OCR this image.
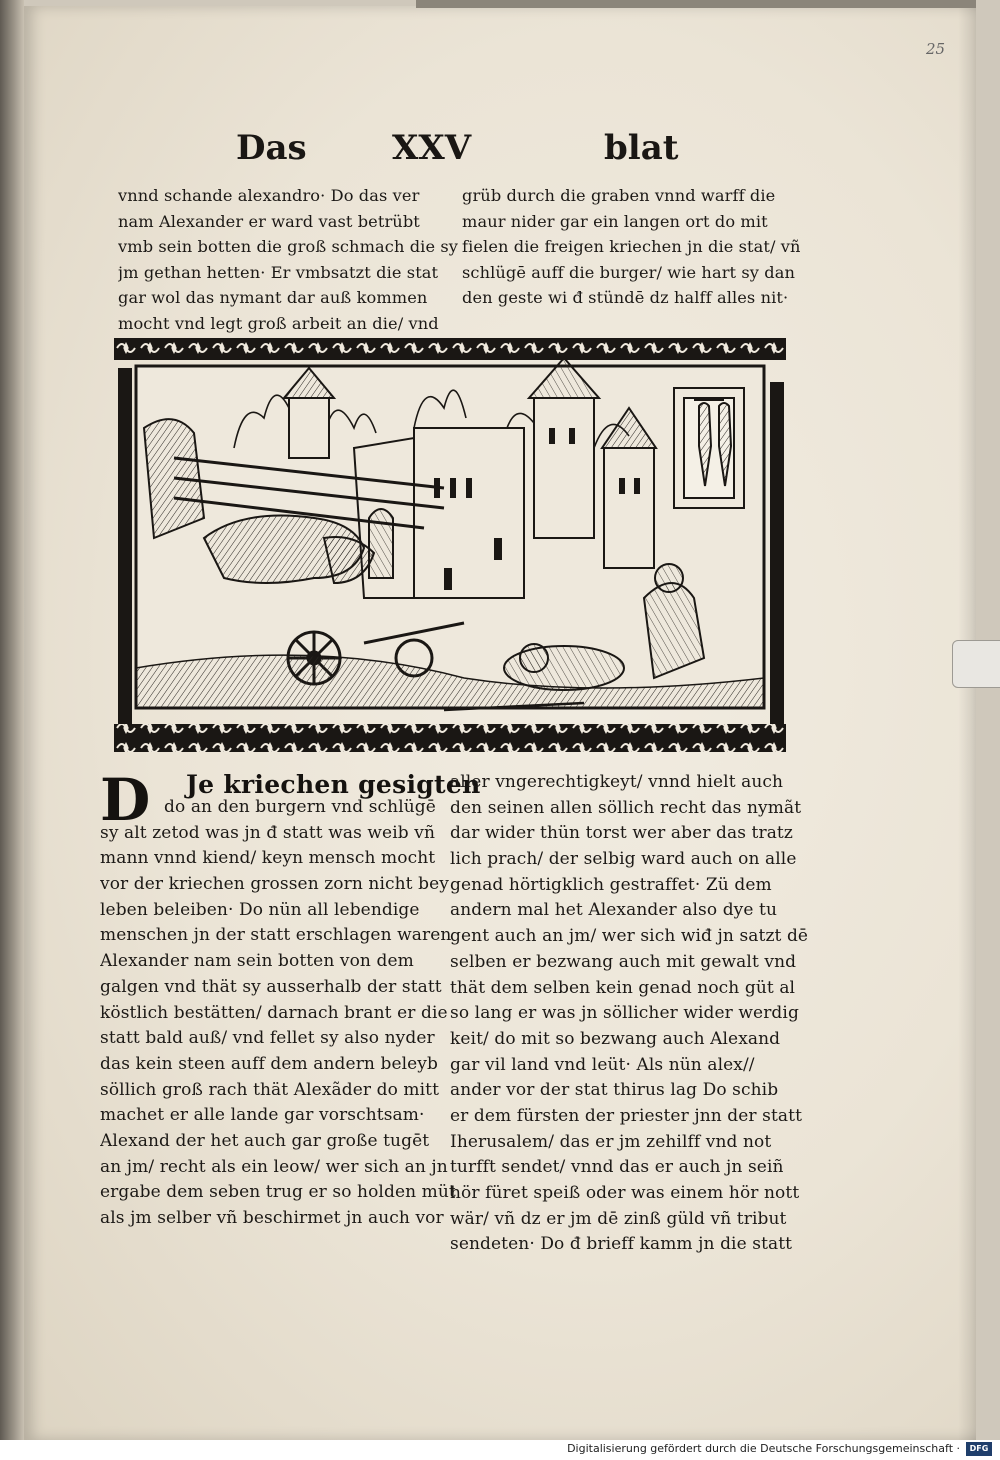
25
Das	XXV	blat
vnnd schande alexandro· Do das ver
nam Alexander er ward vast betrübt
vmb sein botten die groß schmach die sy
jm gethan hetten· Er vmbsatzt die stat
gar wol das nymant dar auß kommen
mocht vnd legt groß arbeit an die/ vnd
grüb durch die graben vnnd warff die
maur nider gar ein langen ort do mit
fielen die freigen kriechen jn die stat/ vñ
schlügē auff die burger/ wie hart sy dan
den geste wi đ stündē dz halff alles nit·
D Je kriechen gesigten
do an den burgern vnd schlügē
sy alt zetod was jn đ statt was weib vñ
mann vnnd kiend/ keyn mensch mocht
vor der kriechen grossen zorn nicht bey
leben beleiben· Do nün all lebendige
menschen jn der statt erschlagen waren
Alexander nam sein botten von dem
galgen vnd thät sy ausserhalb der statt
köstlich bestätten/ darnach brant er die
statt bald auß/ vnd fellet sy also nyder
das kein steen auff dem andern beleyb
söllich groß rach thät Alexãder do mitt
machet er alle lande gar vorschtsam·
Alexand der het auch gar große tugēt
an jm/ recht als ein leow/ wer sich an jn
ergabe dem seben trug er so holden müt
als jm selber vñ beschirmet jn auch vor
aller vngerechtigkeyt/ vnnd hielt auch
den seinen allen söllich recht das nymãt
dar wider thün torst wer aber das tratz
lich prach/ der selbig ward auch on alle
genad hörtigklich gestraffet· Zü dem
andern mal het Alexander also dye tu
gent auch an jm/ wer sich wiđ jn satzt dē
selben er bezwang auch mit gewalt vnd
thät dem selben kein genad noch güt al
so lang er was jn söllicher wider werdig
keit/ do mit so bezwang auch Alexand
gar vil land vnd leüt· Als nün alex//
ander vor der stat thirus lag Do schib
er dem fürsten der priester jnn der statt
Iherusalem/ das er jm zehilff vnd not
turfft sendet/ vnnd das er auch jn seiñ
hör füret speiß oder was einem hör nott
wär/ vñ dz er jm dē zinß güld vñ tribut
sendeten· Do đ brieff kamm jn die statt
Digitalisierung gefördert durch die Deutsche Forschungsgemeinschaft ·	DFG
